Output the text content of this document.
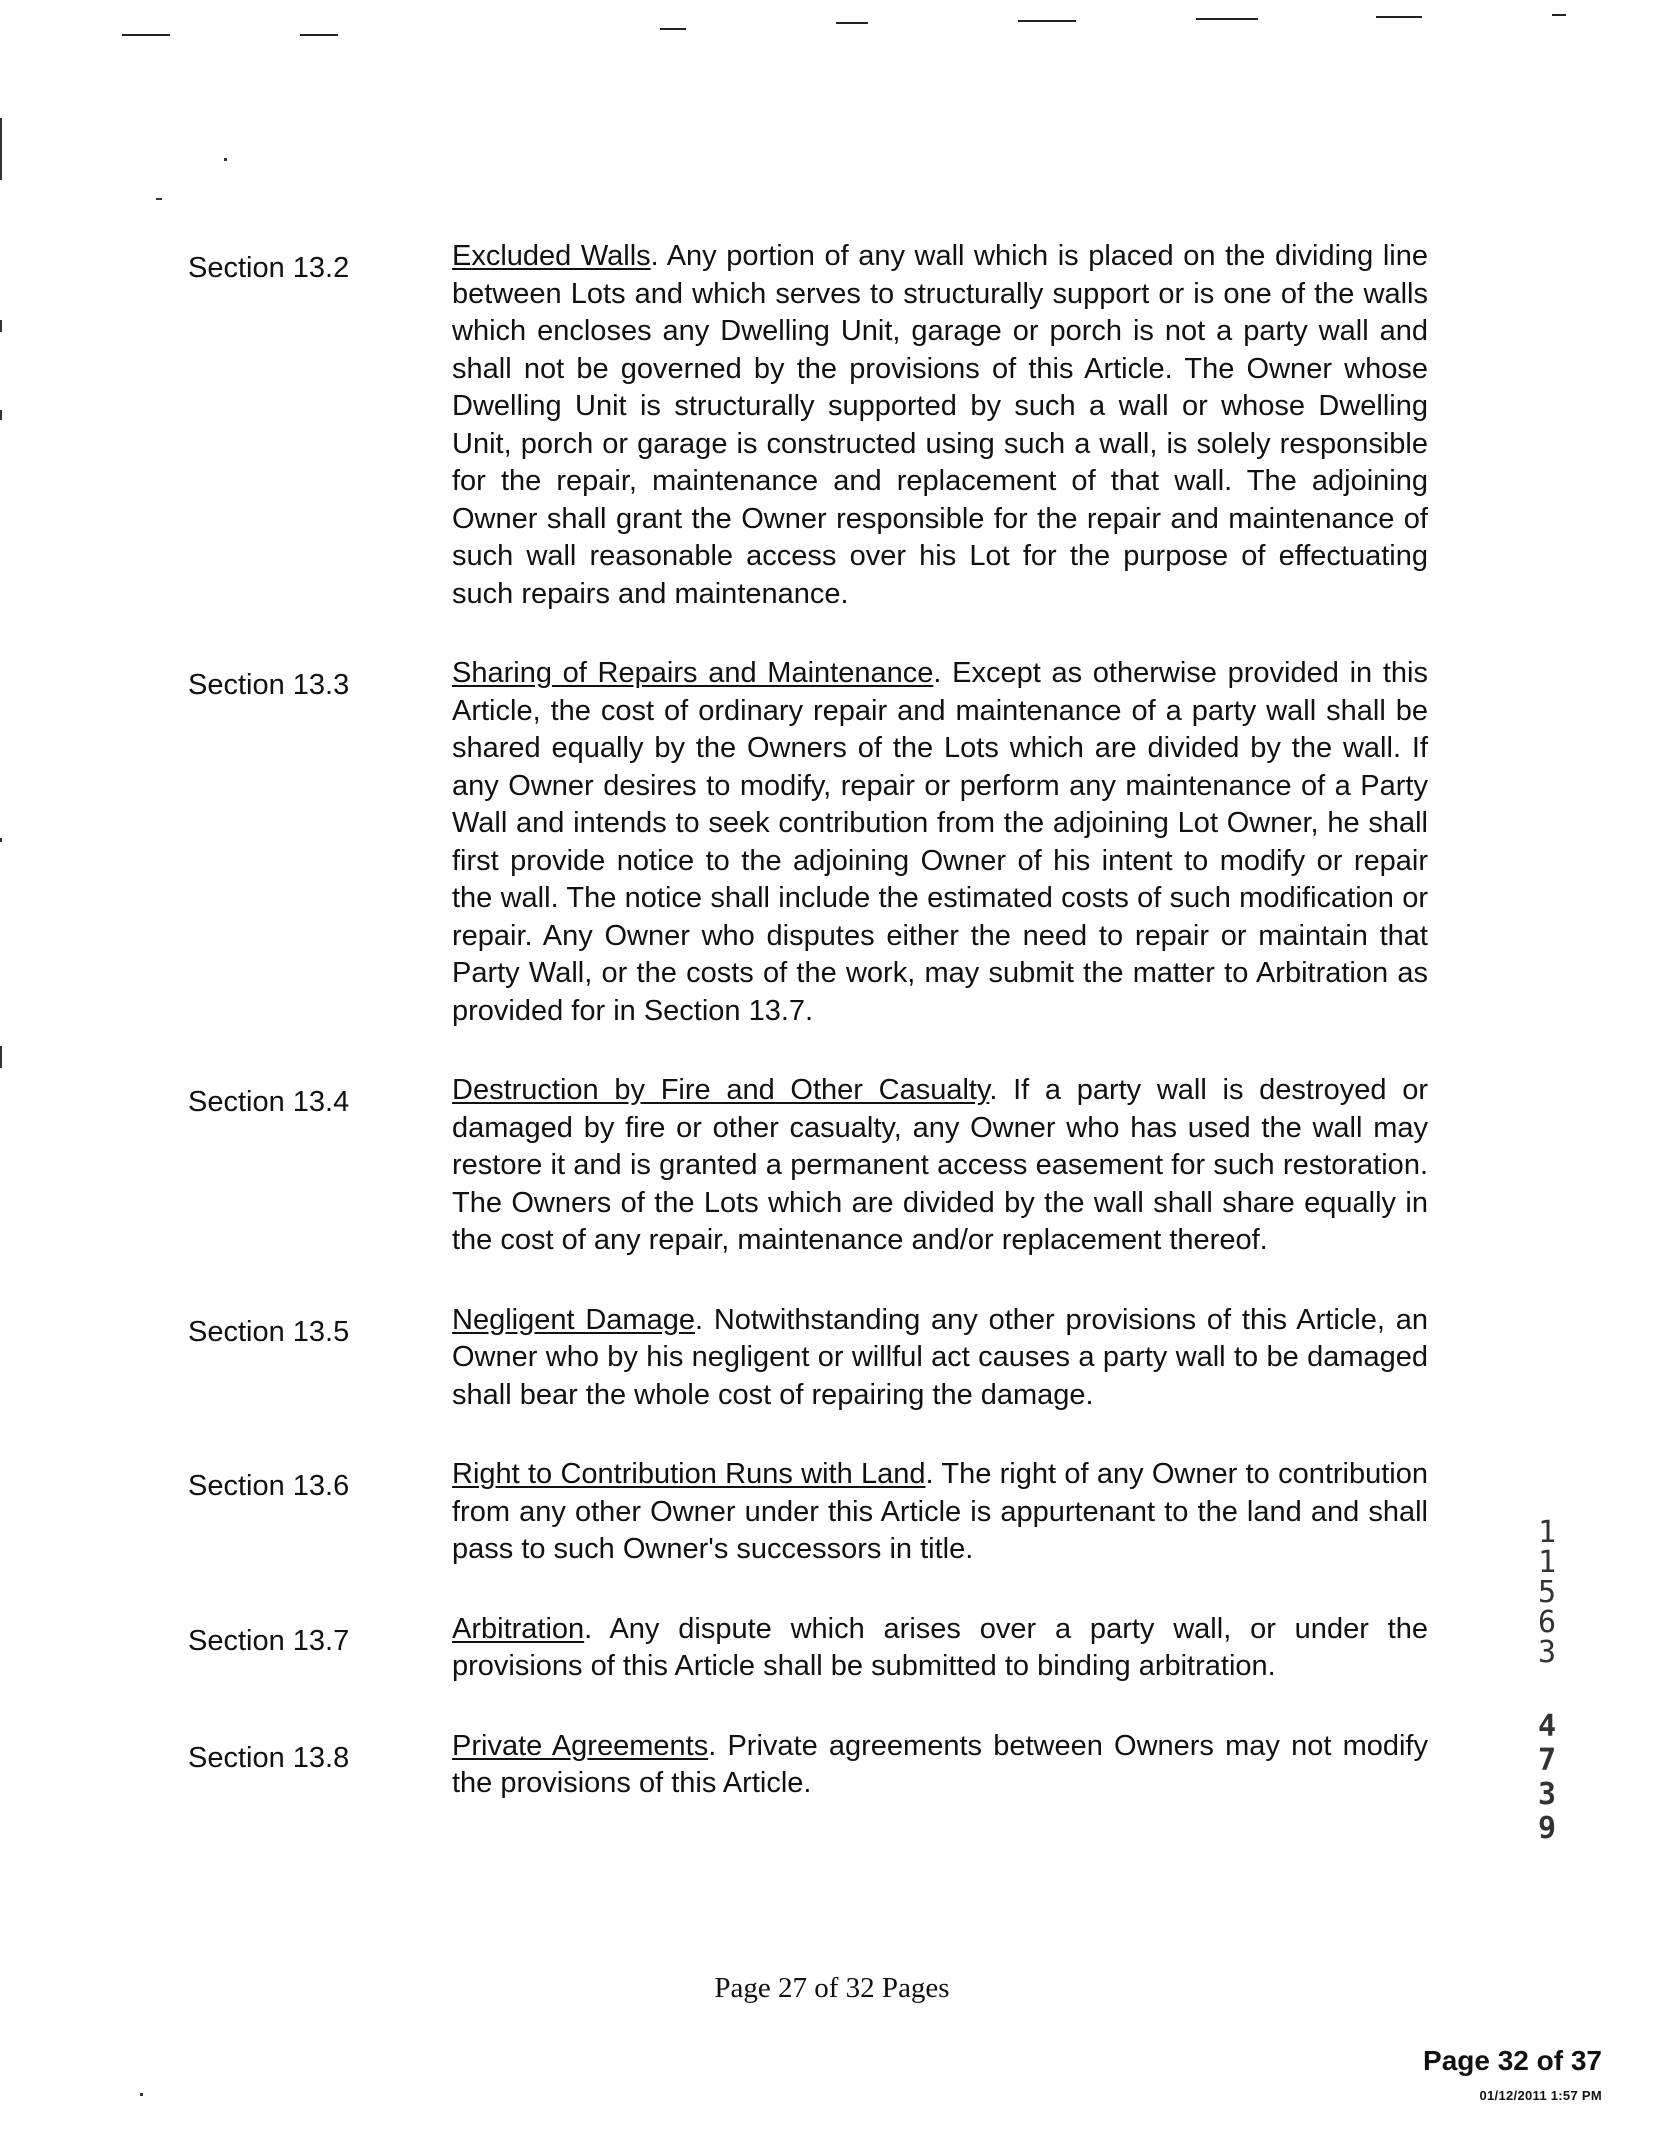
Section 13.2	Excluded Walls. Any portion of any wall which is placed on the dividing line between Lots and which serves to structurally support or is one of the walls which encloses any Dwelling Unit, garage or porch is not a party wall and shall not be governed by the provisions of this Article. The Owner whose Dwelling Unit is structurally supported by such a wall or whose Dwelling Unit, porch or garage is constructed using such a wall, is solely responsible for the repair, maintenance and replacement of that wall. The adjoining Owner shall grant the Owner responsible for the repair and maintenance of such wall reasonable access over his Lot for the purpose of effectuating such repairs and maintenance.
Section 13.3	Sharing of Repairs and Maintenance. Except as otherwise provided in this Article, the cost of ordinary repair and maintenance of a party wall shall be shared equally by the Owners of the Lots which are divided by the wall. If any Owner desires to modify, repair or perform any maintenance of a Party Wall and intends to seek contribution from the adjoining Lot Owner, he shall first provide notice to the adjoining Owner of his intent to modify or repair the wall. The notice shall include the estimated costs of such modification or repair. Any Owner who disputes either the need to repair or maintain that Party Wall, or the costs of the work, may submit the matter to Arbitration as provided for in Section 13.7.
Section 13.4	Destruction by Fire and Other Casualty. If a party wall is destroyed or damaged by fire or other casualty, any Owner who has used the wall may restore it and is granted a permanent access easement for such restoration. The Owners of the Lots which are divided by the wall shall share equally in the cost of any repair, maintenance and/or replacement thereof.
Section 13.5	Negligent Damage. Notwithstanding any other provisions of this Article, an Owner who by his negligent or willful act causes a party wall to be damaged shall bear the whole cost of repairing the damage.
Section 13.6	Right to Contribution Runs with Land. The right of any Owner to contribution from any other Owner under this Article is appurtenant to the land and shall pass to such Owner's successors in title.
Section 13.7	Arbitration. Any dispute which arises over a party wall, or under the provisions of this Article shall be submitted to binding arbitration.
Section 13.8	Private Agreements. Private agreements between Owners may not modify the provisions of this Article.
1
1
5
6
3
4
7
3
9
Page 27 of 32 Pages
Page 32 of 37
01/12/2011 1:57 PM
